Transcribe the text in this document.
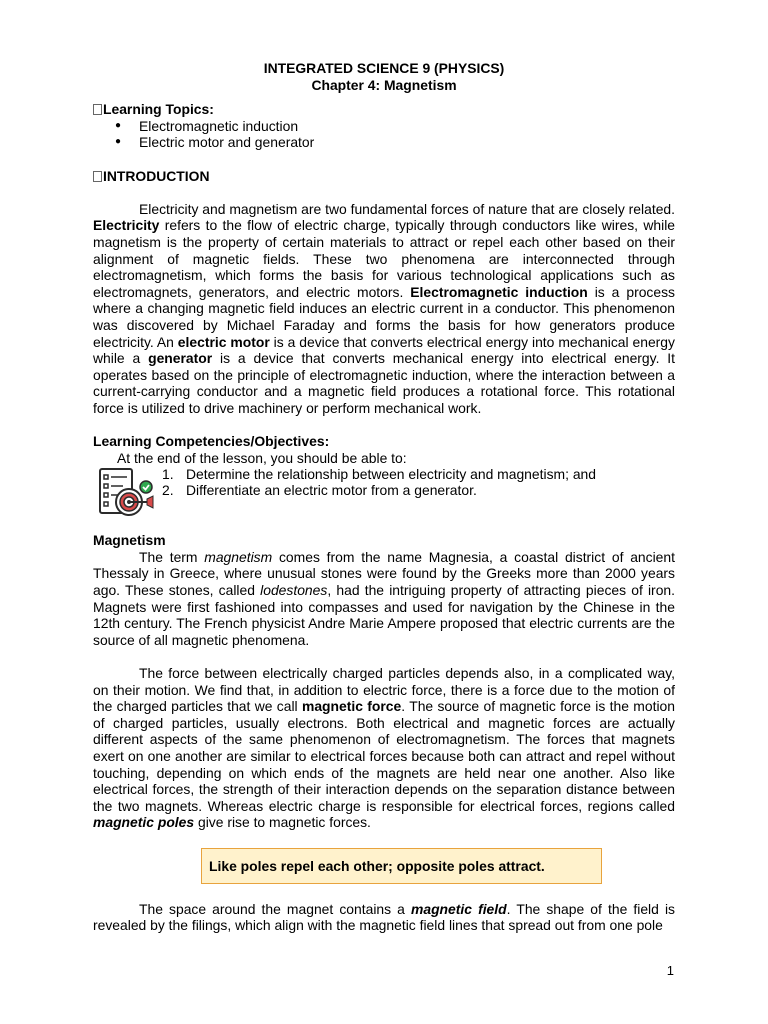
INTEGRATED SCIENCE 9 (PHYSICS)
Chapter 4: Magnetism
Learning Topics:
● Electromagnetic induction
● Electric motor and generator
INTRODUCTION

Electricity and magnetism are two fundamental forces of nature that are closely related. Electricity refers to the flow of electric charge, typically through conductors like wires, while magnetism is the property of certain materials to attract or repel each other based on their alignment of magnetic fields. These two phenomena are interconnected through electromagnetism, which forms the basis for various technological applications such as electromagnets, generators, and electric motors. Electromagnetic induction is a process where a changing magnetic field induces an electric current in a conductor. This phenomenon was discovered by Michael Faraday and forms the basis for how generators produce electricity. An electric motor is a device that converts electrical energy into mechanical energy while a generator is a device that converts mechanical energy into electrical energy. It operates based on the principle of electromagnetic induction, where the interaction between a current-carrying conductor and a magnetic field produces a rotational force. This rotational force is utilized to drive machinery or perform mechanical work.

Learning Competencies/Objectives:
At the end of the lesson, you should be able to:
1. Determine the relationship between electricity and magnetism; and
2. Differentiate an electric motor from a generator.
Magnetism

The term magnetism comes from the name Magnesia, a coastal district of ancient Thessaly in Greece, where unusual stones were found by the Greeks more than 2000 years ago. These stones, called lodestones, had the intriguing property of attracting pieces of iron. Magnets were first fashioned into compasses and used for navigation by the Chinese in the 12th century. The French physicist Andre Marie Ampere proposed that electric currents are the source of all magnetic phenomena.

The force between electrically charged particles depends also, in a complicated way, on their motion. We find that, in addition to electric force, there is a force due to the motion of the charged particles that we call magnetic force. The source of magnetic force is the motion of charged particles, usually electrons. Both electrical and magnetic forces are actually different aspects of the same phenomenon of electromagnetism. The forces that magnets exert on one another are similar to electrical forces because both can attract and repel without touching, depending on which ends of the magnets are held near one another. Also like electrical forces, the strength of their interaction depends on the separation distance between the two magnets. Whereas electric charge is responsible for electrical forces, regions called magnetic poles give rise to magnetic forces.

Like poles repel each other; opposite poles attract.

The space around the magnet contains a magnetic field. The shape of the field is revealed by the filings, which align with the magnetic field lines that spread out from one pole

1
